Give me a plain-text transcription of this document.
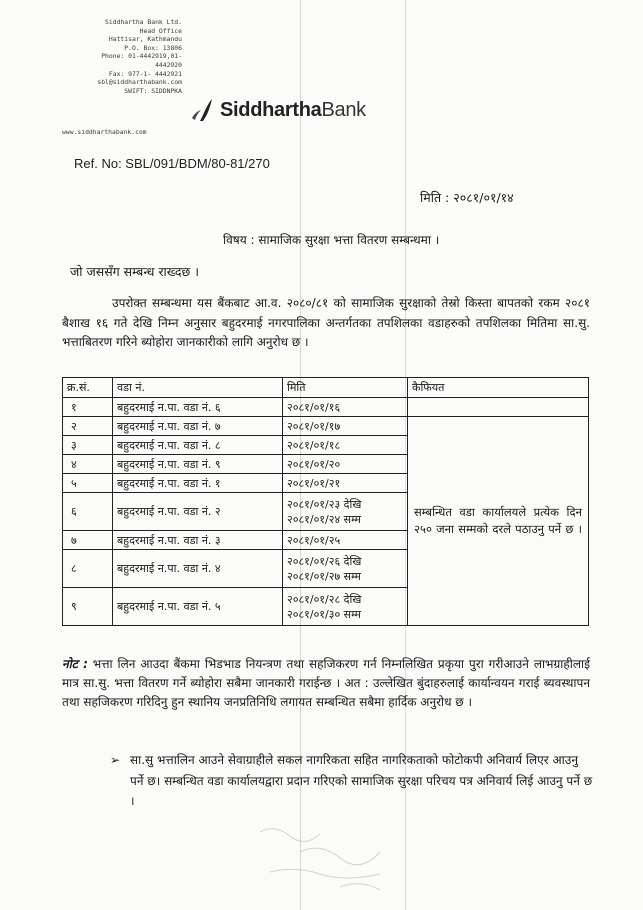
Siddhartha Bank Ltd.
Head Office
Hattisar, Kathmandu
P.O. Box: 13806
Phone: 01-4442919,01-
4442920
Fax: 977-1- 4442921
sbl@siddharthabank.com
SWIFT: SIDDNPKA
www.siddharthabank.com
Siddhartha Bank
Ref. No: SBL/091/BDM/80-81/270
मिति : २०८१/०१/१४
विषय : सामाजिक सुरक्षा भत्ता वितरण सम्बन्धमा ।
जो जससँग सम्बन्ध राख्दछ ।
उपरोक्त सम्बन्धमा यस बैंकबाट आ.व. २०८०/८१ को सामाजिक सुरक्षाको तेस्रो किस्ता बापतको रकम २०८१ बैशाख १६ गते देखि निम्न अनुसार बहुदरमाई नगरपालिका अन्तर्गतका तपशिलका वडाहरुको तपशिलका मितिमा सा.सु. भत्ताबितरण गरिने ब्योहोरा जानकारीको लागि अनुरोध छ ।
क्र.सं.	वडा नं.	मिति	कैफियत
१	बहुदरमाई न.पा. वडा नं. ६	२०८१/०१/१६	

२	बहुदरमाई न.पा. वडा नं. ७	२०८१/०१/१७	सम्बन्धित वडा कार्यालयले प्रत्येक दिन २५० जना सम्मको दरले पठाउनु पर्ने छ ।
३	बहुदरमाई न.पा. वडा नं. ८	२०८१/०१/१८	

४	बहुदरमाई न.पा. वडा नं. ९	२०८१/०१/२०	

५	बहुदरमाई न.पा. वडा नं. १	२०८१/०१/२१	

६	बहुदरमाई न.पा. वडा नं. २	२०८१/०१/२३ देखि
२०८१/०१/२४ सम्म	

७	बहुदरमाई न.पा. वडा नं. ३	२०८१/०१/२५	

८	बहुदरमाई न.पा. वडा नं. ४	२०८१/०१/२६ देखि
२०८१/०१/२७ सम्म	

९	बहुदरमाई न.पा. वडा नं. ५	२०८१/०१/२८ देखि
२०८१/०१/३० सम्म	
नोट : भत्ता लिन आउदा बैंकमा भिडभाड नियन्त्रण तथा सहजिकरण गर्न निम्नलिखित प्रकृया पुरा गरीआउने लाभग्राहीलाई मात्र सा.सु. भत्ता वितरण गर्ने ब्योहोरा सबैमा जानकारी गराईन्छ । अत : उल्लेखित बुंदाहरुलाई कार्यान्वयन गराई ब्यवस्थापन तथा सहजिकरण गरिदिनु हुन स्थानिय जनप्रतिनिधि लगायत सम्बन्धित सबैमा हार्दिक अनुरोध छ ।
➢ सा.सु भत्तालिन आउने सेवाग्राहीले सकल नागरिकता सहित नागरिकताको फोटोकपी अनिवार्य लिएर आउनु पर्ने छ। सम्बन्धित वडा कार्यालयद्वारा प्रदान गरिएको सामाजिक सुरक्षा परिचय पत्र अनिवार्य लिई आउनु पर्ने छ ।
